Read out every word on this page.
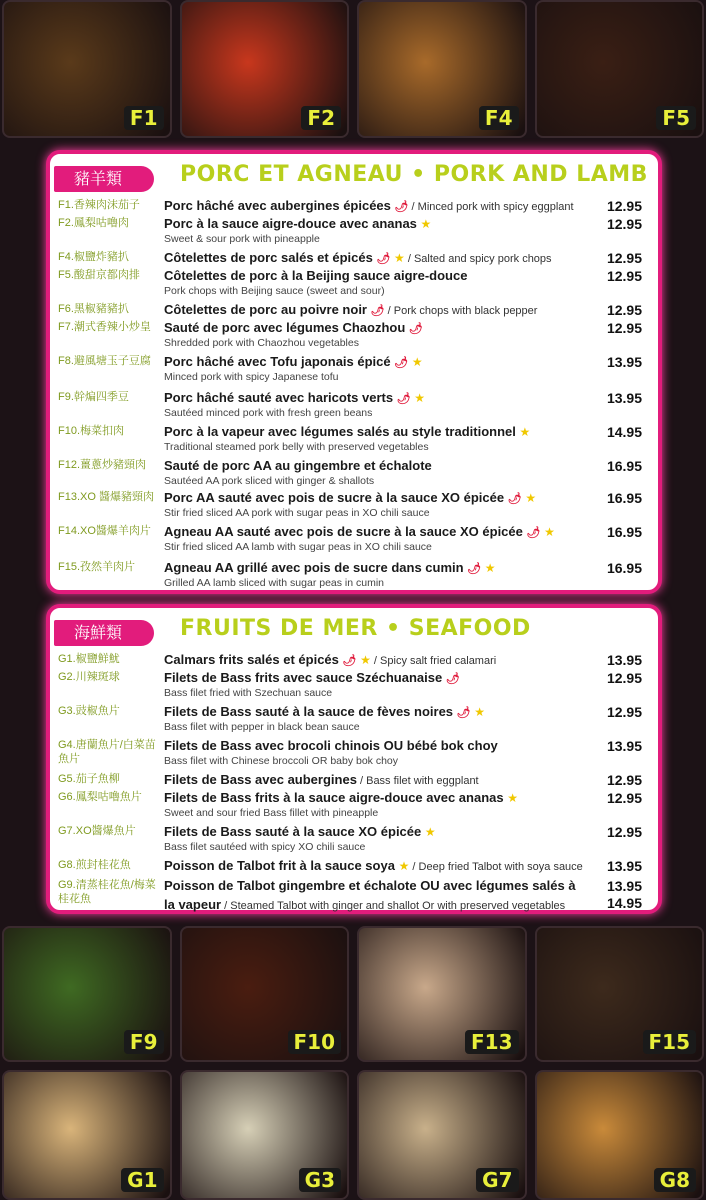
F1	F2	F4	F5
豬羊類	PORC ET AGNEAU • PORK AND LAMB
F1.香辣肉沫茄子	Porc hâché avec aubergines épicées 🌶 / Minced pork with spicy eggplant 12.95
F2.鳳梨咕嚕肉	Porc à la sauce aigre-douce avec ananas ★
Sweet & sour pork with pineapple
12.95
F4.椒鹽炸豬扒	Côtelettes de porc salés et épicés 🌶 ★ / Salted and spicy pork chops	12.95
F5.酸甜京都肉排	Côtelettes de porc à la Beijing sauce aigre-douce
Pork chops with Beijing sauce (sweet and sour)
12.95
F6.黑椒豬豬扒	Côtelettes de porc au poivre noir 🌶 / Pork chops with black pepper	12.95
F7.潮式香辣小炒皇	Sauté de porc avec légumes Chaozhou 🌶
Shredded pork with Chaozhou vegetables
12.95
F8.避風塘玉子豆腐	Porc hâché avec Tofu japonais épicé 🌶 ★
Minced pork with spicy Japanese tofu
13.95
F9.幹煸四季豆	Porc hâché sauté avec haricots verts 🌶 ★
Sautéed minced pork with fresh green beans
13.95
F10.梅菜扣肉	Porc à la vapeur avec légumes salés au style traditionnel ★
Traditional steamed pork belly with preserved vegetables
14.95
F12.薑蔥炒豬頸肉	Sauté de porc AA au gingembre et échalote
Sautéed AA pork sliced with ginger & shallots
16.95
F13.XO 醬爆豬頸肉 Porc AA sauté avec pois de sucre à la sauce XO épicée 🌶 ★
Stir fried sliced AA pork with sugar peas in XO chili sauce
16.95
F14.XO醬爆羊肉片	Agneau AA sauté avec pois de sucre à la sauce XO épicée 🌶 ★
Stir fried sliced AA lamb with sugar peas in XO chili sauce
16.95
F15.孜然羊肉片	Agneau AA grillé avec pois de sucre dans cumin 🌶 ★
Grilled AA lamb sliced with sugar peas in cumin
16.95
海鮮類	FRUITS DE MER • SEAFOOD
G1.椒鹽鮮魷	Calmars frits salés et épicés 🌶 ★ / Spicy salt fried calamari	13.95
G2.川辣斑球	Filets de Bass frits avec sauce Széchuanaise 🌶
Bass filet fried with Szechuan sauce
12.95
G3.豉椒魚片	Filets de Bass sauté à la sauce de fèves noires 🌶 ★
Bass filet with pepper in black bean sauce
12.95
G4.唐蘭魚片/白菜苗魚片
Filets de Bass avec brocoli chinois OU bébé bok choy
Bass filet with Chinese broccoli OR baby bok choy
13.95
G5.茄子魚柳	Filets de Bass avec aubergines / Bass filet with eggplant	12.95
G6.鳳梨咕嚕魚片	Filets de Bass frits à la sauce aigre-douce avec ananas ★
Sweet and sour fried Bass fillet with pineapple
12.95
G7.XO醬爆魚片	Filets de Bass sauté à la sauce XO épicée ★
Bass filet sautéed with spicy XO chili sauce
12.95
G8.煎封桂花魚	Poisson de Talbot frit à la sauce soya ★ / Deep fried Talbot with soya sauce 13.95
G9.清蒸桂花魚/梅菜桂花魚
Poisson de Talbot gingembre et échalote OU avec légumes salés à
la vapeur / Steamed Talbot with ginger and shallot Or with preserved vegetables
13.95
14.95
F9	F10	F13	F15
G1	G3	G7	G8
